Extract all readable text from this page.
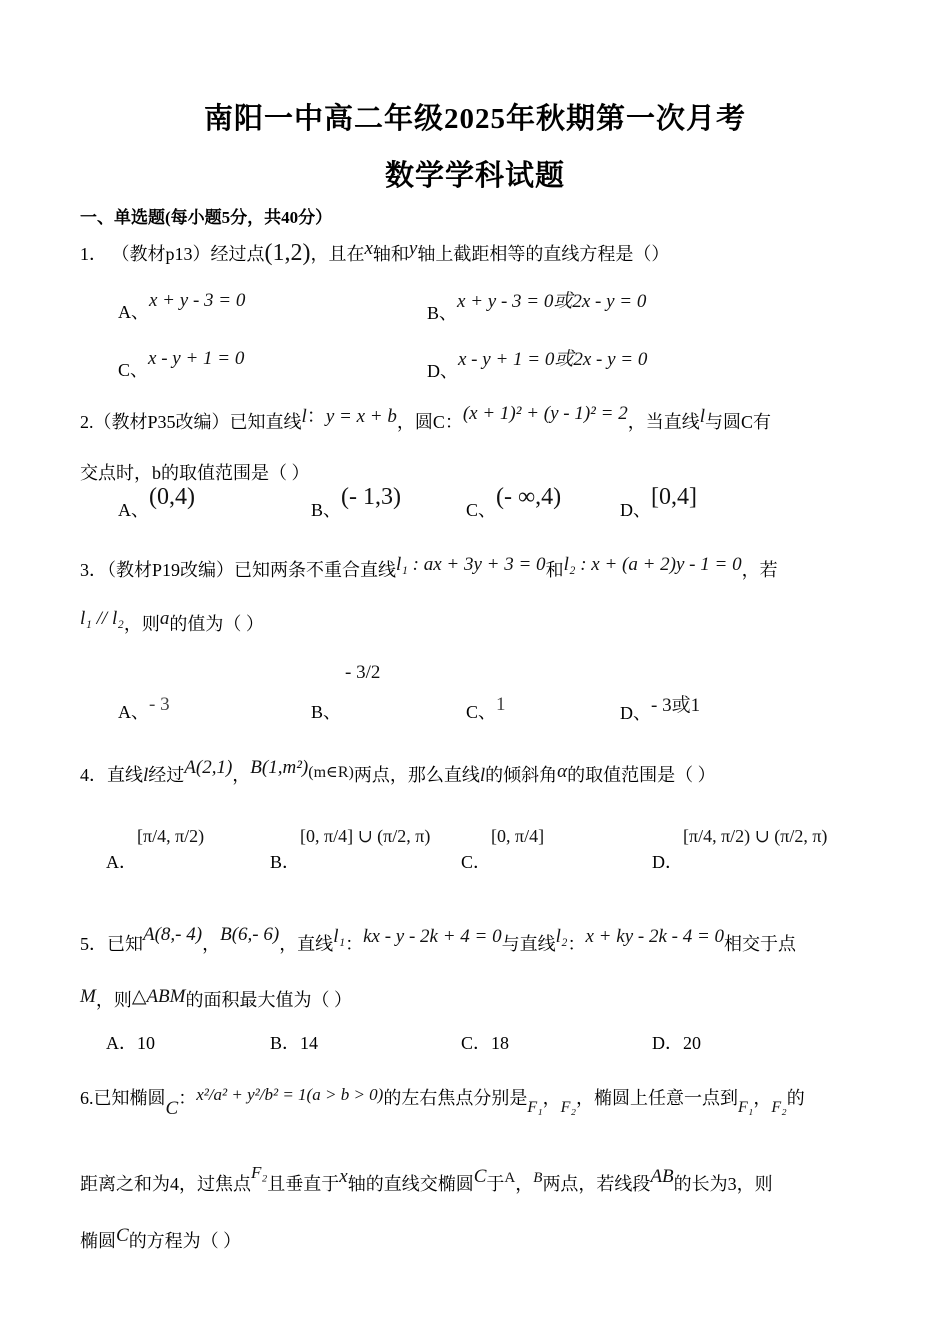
南阳一中高二年级2025年秋期第一次月考
数学学科试题
一、单选题(每小题5分，共40分）
1． （教材p13）经过点(1,2)，且在x轴和y轴上截距相等的直线方程是（）
A、x + y - 3 = 0
B、x + y - 3 = 0或2x - y = 0
C、x - y + 1 = 0
D、x - y + 1 = 0或2x - y = 0
2.（教材P35改编）已知直线l：y = x + b，圆C：(x + 1)² + (y - 1)² = 2，当直线l与圆C有
交点时，b的取值范围是（ ）
A、(0,4)	B、(- 1,3)	C、(- ∞,4)	D、[0,4]
3．（教材P19改编）已知两条不重合直线l₁ : ax + 3y + 3 = 0和l₂ : x + (a + 2)y - 1 = 0，若
l₁ // l₂，则a的值为（ ）
A、- 3	B、 - 3/2
C、1	D、- 3或1
4．直线l经过A(2,1)，B(1,m²)(m∈R)两点，那么直线l的倾斜角α的取值范围是（ ）
A．[π/4, π/2)
B．[0, π/4] ∪ (π/2, π)
C．[0, π/4]
D．[π/4, π/2) ∪ (π/2, π)
5．已知A(8,- 4)，B(6,- 6)，直线l₁：kx - y - 2k + 4 = 0与直线l₂：x + ky - 2k - 4 = 0相交于点
M，则△ABM的面积最大值为（ ）
A．10	B．14	C．18	D．20
6.已知椭圆C：x²/a² + y²/b² = 1(a > b > 0)的左右焦点分别是F₁，F₂，椭圆上任意一点到F₁，F₂的
距离之和为4，过焦点F₂且垂直于x轴的直线交椭圆C于$^A$，$^B$两点，若线段AB的长为3，则
椭圆C的方程为（ ）
